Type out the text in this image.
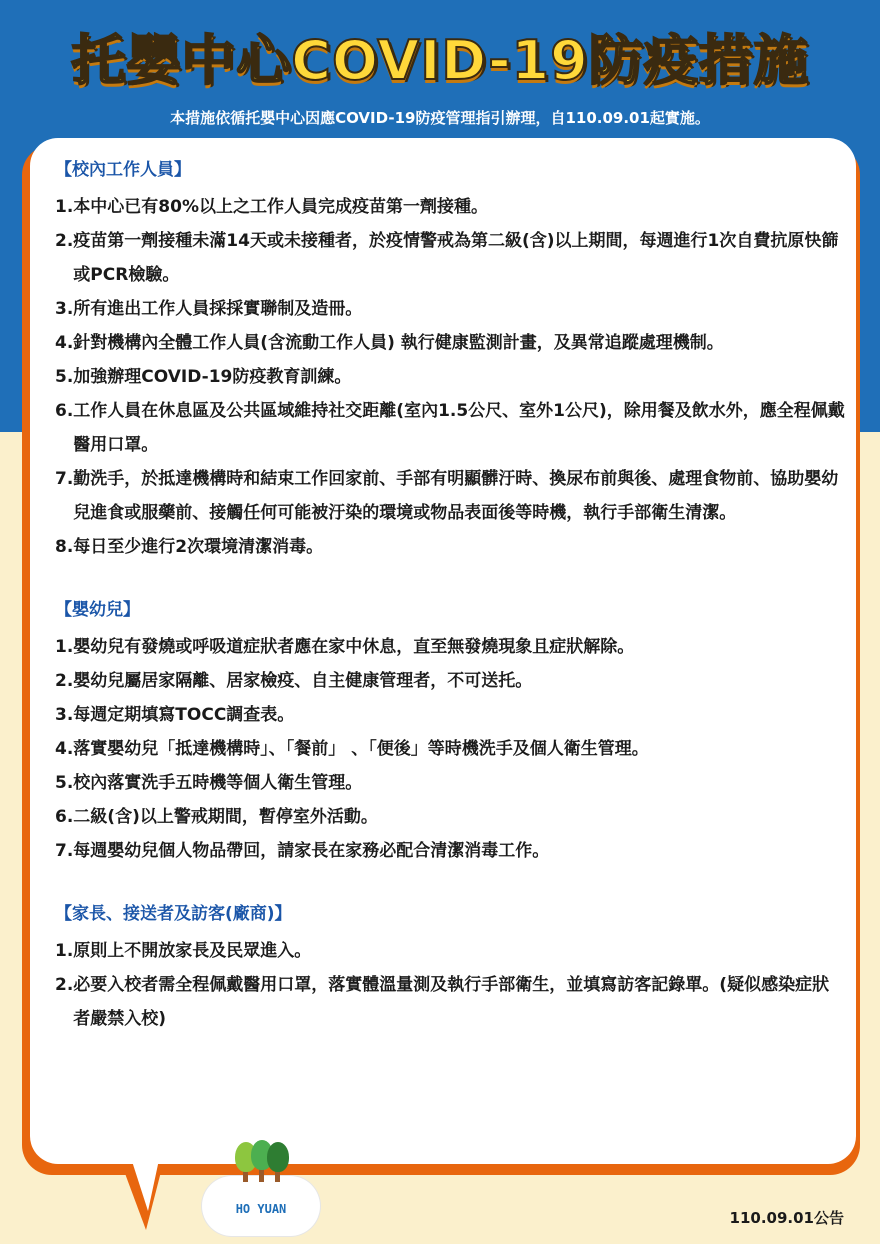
托嬰中心COVID-19防疫措施
本措施依循托嬰中心因應COVID-19防疫管理指引辦理，自110.09.01起實施。
【校內工作人員】
1. 本中心已有80%以上之工作人員完成疫苗第一劑接種。
2. 疫苗第一劑接種未滿14天或未接種者，於疫情警戒為第二級(含)以上期間，每週進行1次自費抗原快篩或PCR檢驗。
3. 所有進出工作人員採採實聯制及造冊。
4. 針對機構內全體工作人員(含流動工作人員) 執行健康監測計畫，及異常追蹤處理機制。
5. 加強辦理COVID-19防疫教育訓練。
6. 工作人員在休息區及公共區域維持社交距離(室內1.5公尺、室外1公尺)，除用餐及飲水外，應全程佩戴醫用口罩。
7. 勤洗手，於抵達機構時和結束工作回家前、手部有明顯髒汙時、換尿布前與後、處理食物前、協助嬰幼兒進食或服藥前、接觸任何可能被汙染的環境或物品表面後等時機，執行手部衛生清潔。
8. 每日至少進行2次環境清潔消毒。
【嬰幼兒】
1. 嬰幼兒有發燒或呼吸道症狀者應在家中休息，直至無發燒現象且症狀解除。
2. 嬰幼兒屬居家隔離、居家檢疫、自主健康管理者，不可送托。
3. 每週定期填寫TOCC調查表。
4. 落實嬰幼兒「抵達機構時」、「餐前」 、「便後」等時機洗手及個人衛生管理。
5. 校內落實洗手五時機等個人衛生管理。
6. 二級(含)以上警戒期間，暫停室外活動。
7. 每週嬰幼兒個人物品帶回，請家長在家務必配合清潔消毒工作。
【家長、接送者及訪客(廠商)】
1. 原則上不開放家長及民眾進入。
2. 必要入校者需全程佩戴醫用口罩，落實體溫量測及執行手部衛生，並填寫訪客記錄單。(疑似感染症狀者嚴禁入校)
HO YUAN	110.09.01公告
